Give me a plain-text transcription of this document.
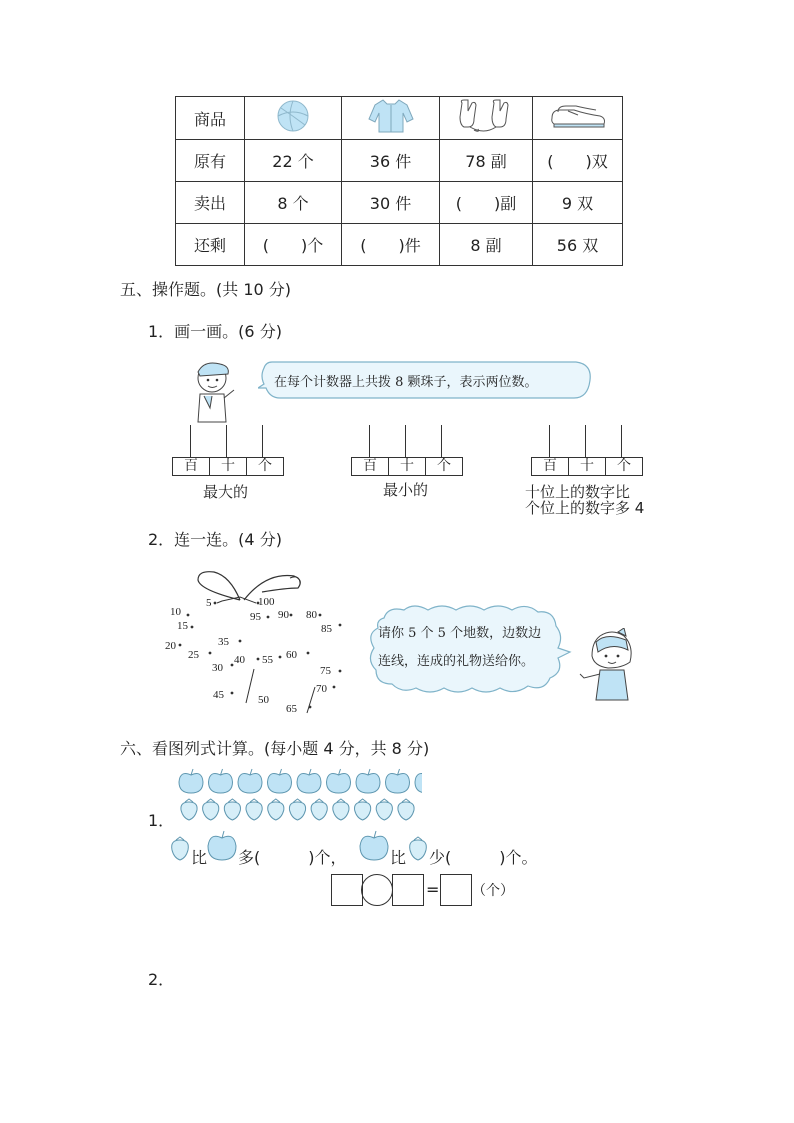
商品				
原有	22 个	36 件	78 副	(　　)双
卖出	8 个	30 件	(　　)副	9 双
还剩	(　　)个	(　　)件	8 副	56 双
五、操作题。(共 10 分)
1．画一画。(6 分)
在每个计数器上共拨 8 颗珠子，表示两位数。
百	十	个
最大的
百	十	个
最小的
百	十	个
十位上的数字比
个位上的数字多 4
2．连一连。(4 分)
5	100
10
15
95 90 80
85
20
25
35
30
40 55 60
75
70
45	50
65
请你 5 个 5 个地数，边数边
连线，连成的礼物送给你。
六、看图列式计算。(每小题 4 分，共 8 分)
1．
比 多(　　　)个，	比 少(　　　)个。
= （个）
2．
